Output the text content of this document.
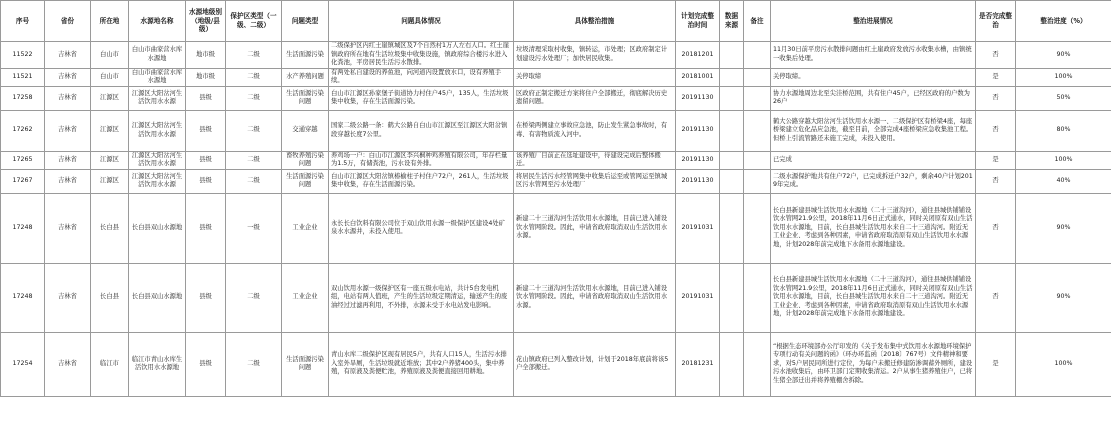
序号	省份	所在地	水源地名称	水源地级别（地级/县级）	保护区类型（一级、二级）	问题类型	问题具体情况	具体整治措施	计划完成整治时间	数据来源	备注	整治进展情况	是否完成整治	整治进度（%）
11522	吉林省	白山市	白山市曲家营水库水源地	地市级	二级	生活面源污染	二级保护区内红土崖镇城区及7个自然村1万人左右人口。红土崖镇政府所在地有生活垃圾集中收集设施，镇政府综合楼污水进入化粪池，平房居民生活污水散排。	垃圾清理采取村收集，镇转运，市处理；区政府制定计划建设污水处理厂；加快居民收集。	20181201			11月30日前平房污水散排问题由红土崖政府发放污水收集水槽，由镇统一收集后处理。	否	90%
11521	吉林省	白山市	白山市曲家营水库水源地	地市级	二级	水产养殖问题	有两处私自建设的养鱼池，向河道内设置放水口，设有养殖手续。	关停取缔	20181001			关停取缔。	是	100%
17258	吉林省	江源区	江源区大阳岔河生活饮用水水源	县级	二级	生活面源污染问题	白山市江源区孙家堡子街道协力村住户45户，135人，生活垃圾集中收集，存在生活面源污染。	区政府正制定搬迁方案将住户全部搬迁，彻底解决历史遗留问题。	20191130			协力水源地周边北至尖洼桥范围，共有住户45户，已经区政府的户数为26户	否	50%
17262	吉林省	江源区	江源区大阳岔河生活饮用水水源	县级	二级	交通穿越	国家二级公路一条：鹤大公路自白山市江源区至江源区大阳岔镇段穿越长度7公里。	在桥梁两侧建立事故应急池，防止发生紧急事故时，有毒、有害物质流入河中。	20191130			鹤大公路穿越大阳岔河生活饮用水水源一、二级保护区有桥梁4座，每座桥梁建立危化品应急池，截至目前，全部完成4座桥梁应急收集池工程。但桥上引流管路还未施工完成，未投入使用。	否	80%
17265	吉林省	江源区	江源区大阳岔河生活饮用水水源	县级	二级	畜牧养殖污染问题	养鸡场一户：白山市江源区李兴桐种鸡养殖有限公司，年存栏量为1.5万，有储粪池，污水设有外排。	该养殖厂目前正在选址建设中，待建设完成后整体搬迁。	20191130			已完成	是	100%
17267	吉林省	江源区	江源区大阳岔河生活饮用水水源	县级	二级	生活面源污染问题	白山市江源区大阳岔镇椿榆柱子村住户72户，261人，生活垃圾集中收集，存在生活面源污染。	将居民生活污水经管网集中收集后运至或管网运至镇城区污水管网至污水处理厂	20191130			二级水源保护地共有住户72户，已完成拆迁户32户，剩余40户计划2019年完成。	否	40%
17248	吉林省	长白县	长白县双山水源地	县级	一级	工业企业	永长长白饮料有限公司位于双山饮用水源一级保护区建设4处矿泉水水源井，未投入使用。	新建二十三道沟河生活饮用水水源地，目前已进入铺设饮水管网阶段。因此，申请省政府取消双山生活饮用水水源。	20191031			长白县新建县城生活饮用水水源地（二十三道沟河），通往县城供铺铺设饮水管网21.9公里，2018年11月6日正式通水，同时关闭原有双山生活饮用水水源地，目前，长白县城生活饮用水来自二十三道沟河。附近无工业企业、考虑到各种因素，申请省政府取消原有双山生活饮用水水源地，计划2028年前完成地下水备用水源地建设。	否	90%
17248	吉林省	长白县	长白县双山水源地	县级	二级	工业企业	双山饮用水源一级保护区有一座五级水电站，共计5台发电机组，电站有两人值班，产生的生活垃圾定期清运，输送产生的废油经过过滤再利用，不外排，水源未受于水电站发电影响。	新建二十三道沟河生活饮用水水源地，目前已进入铺设饮水管网阶段。因此，申请省政府取消双山生活饮用水水源。	20191031			长白县新建县城生活饮用水水源地（二十三道沟河），通往县城供铺铺设饮水管网21.9公里，2018年11月6日正式通水，同时关闭原有双山生活饮用水水源地，目前，长白县城生活饮用水来自二十三道沟河。附近无工业企业、考虑到各种因素，申请省政府取消原有双山生活饮用水水源地，计划2028年前完成地下水备用水源地建设。	否	90%
17254	吉林省	临江市	临江市青山水库生活饮用水水源地	县级	二级	生活面源污染问题	青山水库二级保护区现有居民5户，共有人口15人，生活污水排入室外旱厕，生活垃圾就近堆放；其中2户养猪400头，集中养殖，有原液及粪便贮池，养殖原液及粪便直接回用耕地。	花山镇政府已列入整改计划，计划于2018年底前将该5户全部搬迁。	20181231			“根据生态环境部办公厅印发的《关于发布集中式饮用水水源地环境保护专项行动有关问题的函》（环办环监函〔2018〕767号）文件精神和要求，对5户居民同所进行定位，为每户未搬迁修建防渗调蓄外厕所，建设污水池收集后，由环卫部门定期收集清运。2户从事生猪养殖住户，已将生猪全部迁出并将养殖棚舍拆除。	是	100%
